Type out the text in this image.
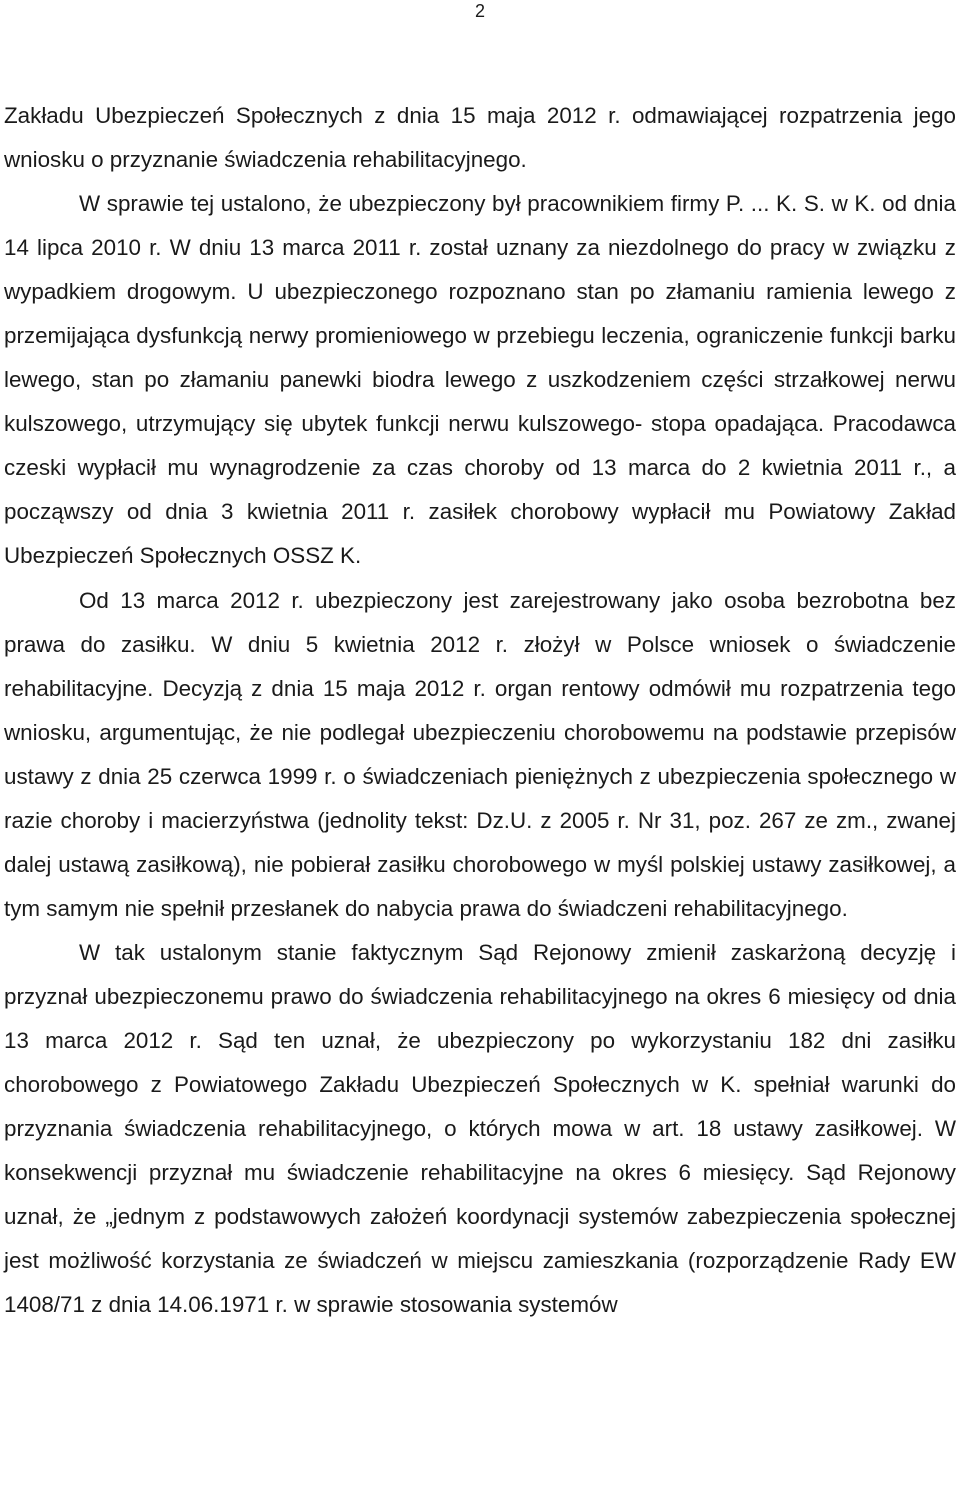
2

Zakładu Ubezpieczeń Społecznych z dnia 15 maja 2012 r. odmawiającej rozpatrzenia jego wniosku o przyznanie świadczenia rehabilitacyjnego.

W sprawie tej ustalono, że ubezpieczony był pracownikiem firmy P. ... K. S. w K. od dnia 14 lipca 2010 r. W dniu 13 marca 2011 r. został uznany za niezdolnego do pracy w związku z wypadkiem drogowym. U ubezpieczonego rozpoznano stan po złamaniu ramienia lewego z przemijająca dysfunkcją nerwy promieniowego w przebiegu leczenia, ograniczenie funkcji barku lewego, stan po złamaniu panewki biodra lewego z uszkodzeniem części strzałkowej nerwu kulszowego, utrzymujący się ubytek funkcji nerwu kulszowego- stopa opadająca. Pracodawca czeski wypłacił mu wynagrodzenie za czas choroby od 13 marca do 2 kwietnia 2011 r., a począwszy od dnia 3 kwietnia 2011 r. zasiłek chorobowy wypłacił mu Powiatowy Zakład Ubezpieczeń Społecznych OSSZ K.

Od 13 marca 2012 r. ubezpieczony jest zarejestrowany jako osoba bezrobotna bez prawa do zasiłku. W dniu 5 kwietnia 2012 r. złożył w Polsce wniosek o świadczenie rehabilitacyjne. Decyzją z dnia 15 maja 2012 r. organ rentowy odmówił mu rozpatrzenia tego wniosku, argumentując, że nie podlegał ubezpieczeniu chorobowemu na podstawie przepisów ustawy z dnia 25 czerwca 1999 r. o świadczeniach pieniężnych z ubezpieczenia społecznego w razie choroby i macierzyństwa (jednolity tekst: Dz.U. z 2005 r. Nr 31, poz. 267 ze zm., zwanej dalej ustawą zasiłkową), nie pobierał zasiłku chorobowego w myśl polskiej ustawy zasiłkowej, a tym samym nie spełnił przesłanek do nabycia prawa do świadczeni rehabilitacyjnego.

W tak ustalonym stanie faktycznym Sąd Rejonowy zmienił zaskarżoną decyzję i przyznał ubezpieczonemu prawo do świadczenia rehabilitacyjnego na okres 6 miesięcy od dnia 13 marca 2012 r. Sąd ten uznał, że ubezpieczony po wykorzystaniu 182 dni zasiłku chorobowego z Powiatowego Zakładu Ubezpieczeń Społecznych w K. spełniał warunki do przyznania świadczenia rehabilitacyjnego, o których mowa w art. 18 ustawy zasiłkowej. W konsekwencji przyznał mu świadczenie rehabilitacyjne na okres 6 miesięcy. Sąd Rejonowy uznał, że „jednym z podstawowych założeń koordynacji systemów zabezpieczenia społecznej jest możliwość korzystania ze świadczeń w miejscu zamieszkania (rozporządzenie Rady EW 1408/71 z dnia 14.06.1971 r. w sprawie stosowania systemów
